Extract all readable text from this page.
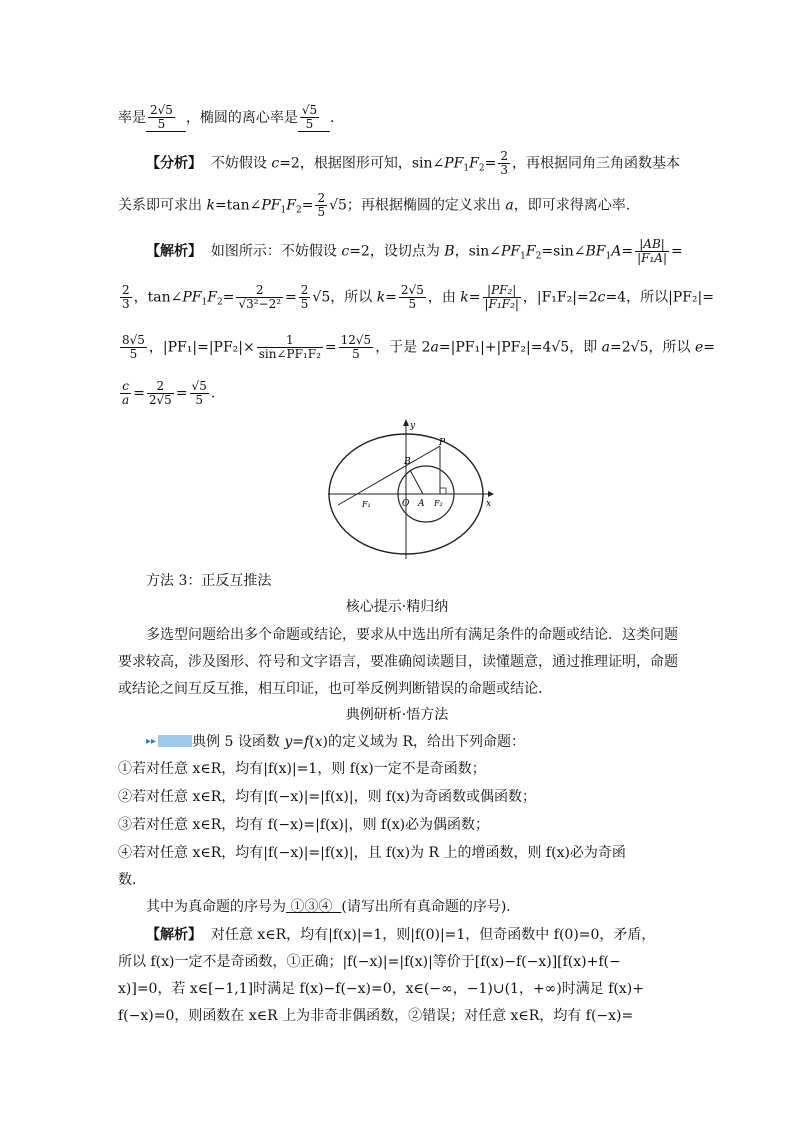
率是 $\frac{2√5}{5}$ ，椭圆的离心率是 $\frac{√5}{5}$ .
【分析】 不妨假设 c=2，根据图形可知，$\sin\angle PF_1F_2= \frac{2}{3}$ ，再根据同角三角函数基本
关系即可求出 $k=\tan\angle PF_1F_2= \frac{2}{5} √5$；再根据椭圆的定义求出 a，即可求得离心率.
【解析】 如图所示：不妨假设 c=2，设切点为 B，$\sin\angle PF_1F_2=\sin\angle BF_1A= \frac{|AB|}{\text{|F₁A|}}$ =
$\frac{2}{3}$ ，$\tan\angle PF_1F_2= \frac{2}{\text{√3²−2²}} = \frac{2}{5} √5$，所以 $k= \frac{2√5}{5}$ ，由 $k= \frac{\text{|PF₂|}}{\text{|F₁F₂|}}$ ，|F₁F₂|=2c=4，所以|PF₂|=
$\frac{8√5}{5}$ ，$|PF_1|=|PF_2|\times \frac{1}{\text{sin∠PF₁F₂}} = \frac{12√5}{5}$ ，于是 2a=|PF₁|+|PF₂|=4√5，即 a=2√5，所以 e=
$\frac{c}{a} = \frac{2}{2√5} = \frac{√5}{5}$ .
y
x
P
B
F₁	O A F₂
方法 3：正反互推法
核心提示·精归纳
多选型问题给出多个命题或结论，要求从中选出所有满足条件的命题或结论．这类问题
要求较高，涉及图形、符号和文字语言，要准确阅读题目，读懂题意，通过推理证明，命题
或结论之间互反互推，相互印证，也可举反例判断错误的命题或结论．
典例研析·悟方法
▸▸	典例 5 设函数 y=f(x)的定义域为 R，给出下列命题：
①若对任意 x∈R，均有|f(x)|=1，则 f(x)一定不是奇函数；
②若对任意 x∈R，均有|f(−x)|=|f(x)|，则 f(x)为奇函数或偶函数；
③若对任意 x∈R，均有 f(−x)=|f(x)|，则 f(x)必为偶函数；
④若对任意 x∈R，均有|f(−x)|=|f(x)|，且 f(x)为 R 上的增函数，则 f(x)必为奇函
数．
其中为真命题的序号为 ①③④ (请写出所有真命题的序号)．
【解析】 对任意 x∈R，均有|f(x)|=1，则|f(0)|=1，但奇函数中 f(0)=0，矛盾，
所以 f(x)一定不是奇函数，①正确；|f(−x)|=|f(x)|等价于[f(x)−f(−x)][f(x)+f(−
x)]=0，若 x∈[−1,1]时满足 f(x)−f(−x)=0，x∈(−∞，−1)∪(1，+∞)时满足 f(x)+
f(−x)=0，则函数在 x∈R 上为非奇非偶函数，②错误；对任意 x∈R，均有 f(−x)=
